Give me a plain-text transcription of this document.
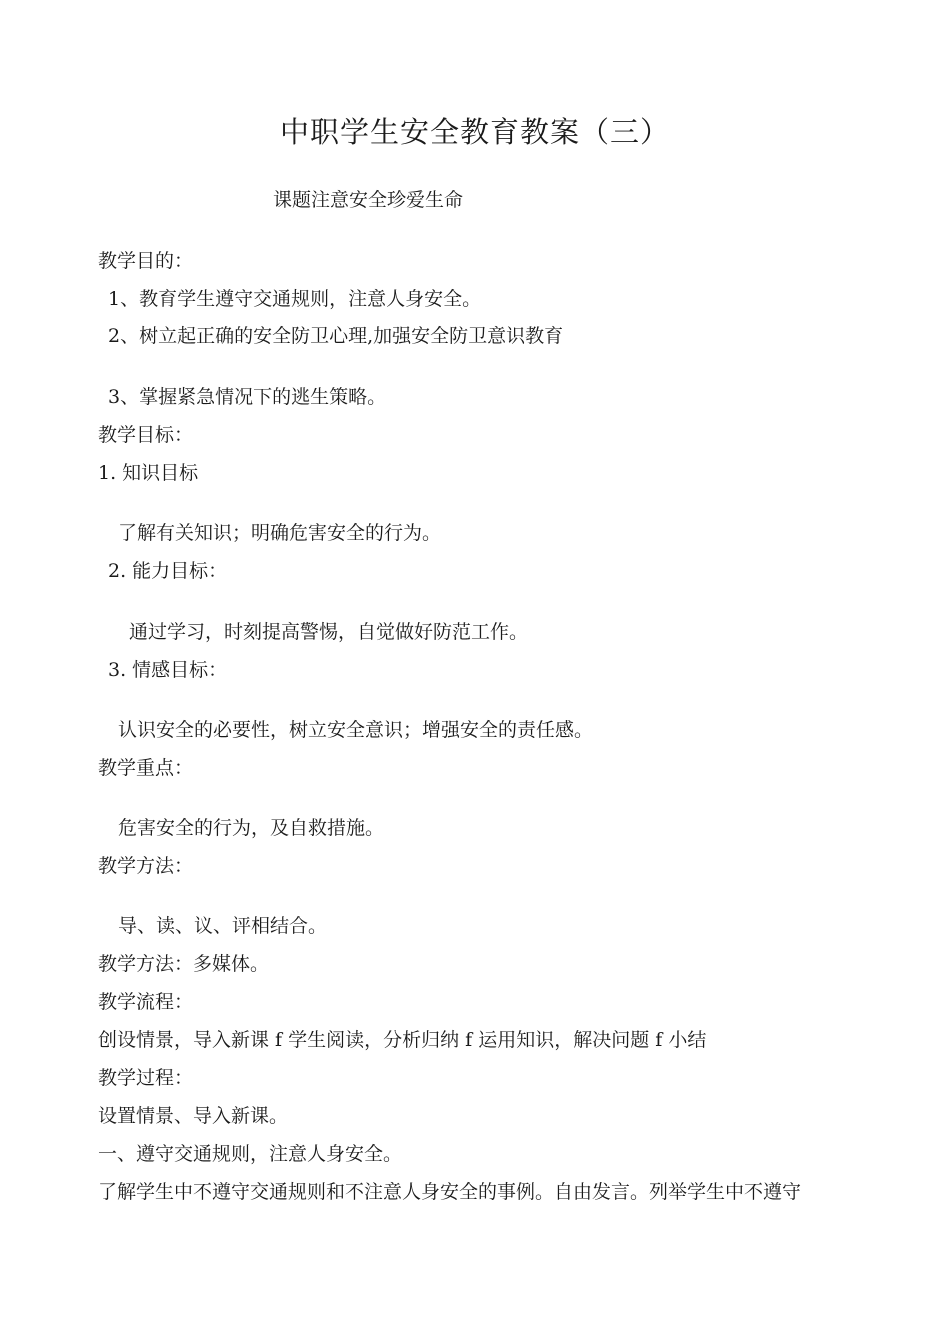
中职学生安全教育教案（三）
课题注意安全珍爱生命
教学目的：
1、教育学生遵守交通规则，注意人身安全。
2、树立起正确的安全防卫心理,加强安全防卫意识教育
3、掌握紧急情况下的逃生策略。
教学目标：
1. 知识目标
了解有关知识；明确危害安全的行为。
2. 能力目标：
通过学习，时刻提高警惕，自觉做好防范工作。
3. 情感目标：
认识安全的必要性，树立安全意识；增强安全的责任感。
教学重点：
危害安全的行为，及自救措施。
教学方法：
导、读、议、评相结合。
教学方法：多媒体。
教学流程：
创设情景，导入新课 f 学生阅读，分析归纳 f 运用知识，解决问题 f 小结
教学过程：
设置情景、导入新课。
一、遵守交通规则，注意人身安全。
了解学生中不遵守交通规则和不注意人身安全的事例。自由发言。列举学生中不遵守
